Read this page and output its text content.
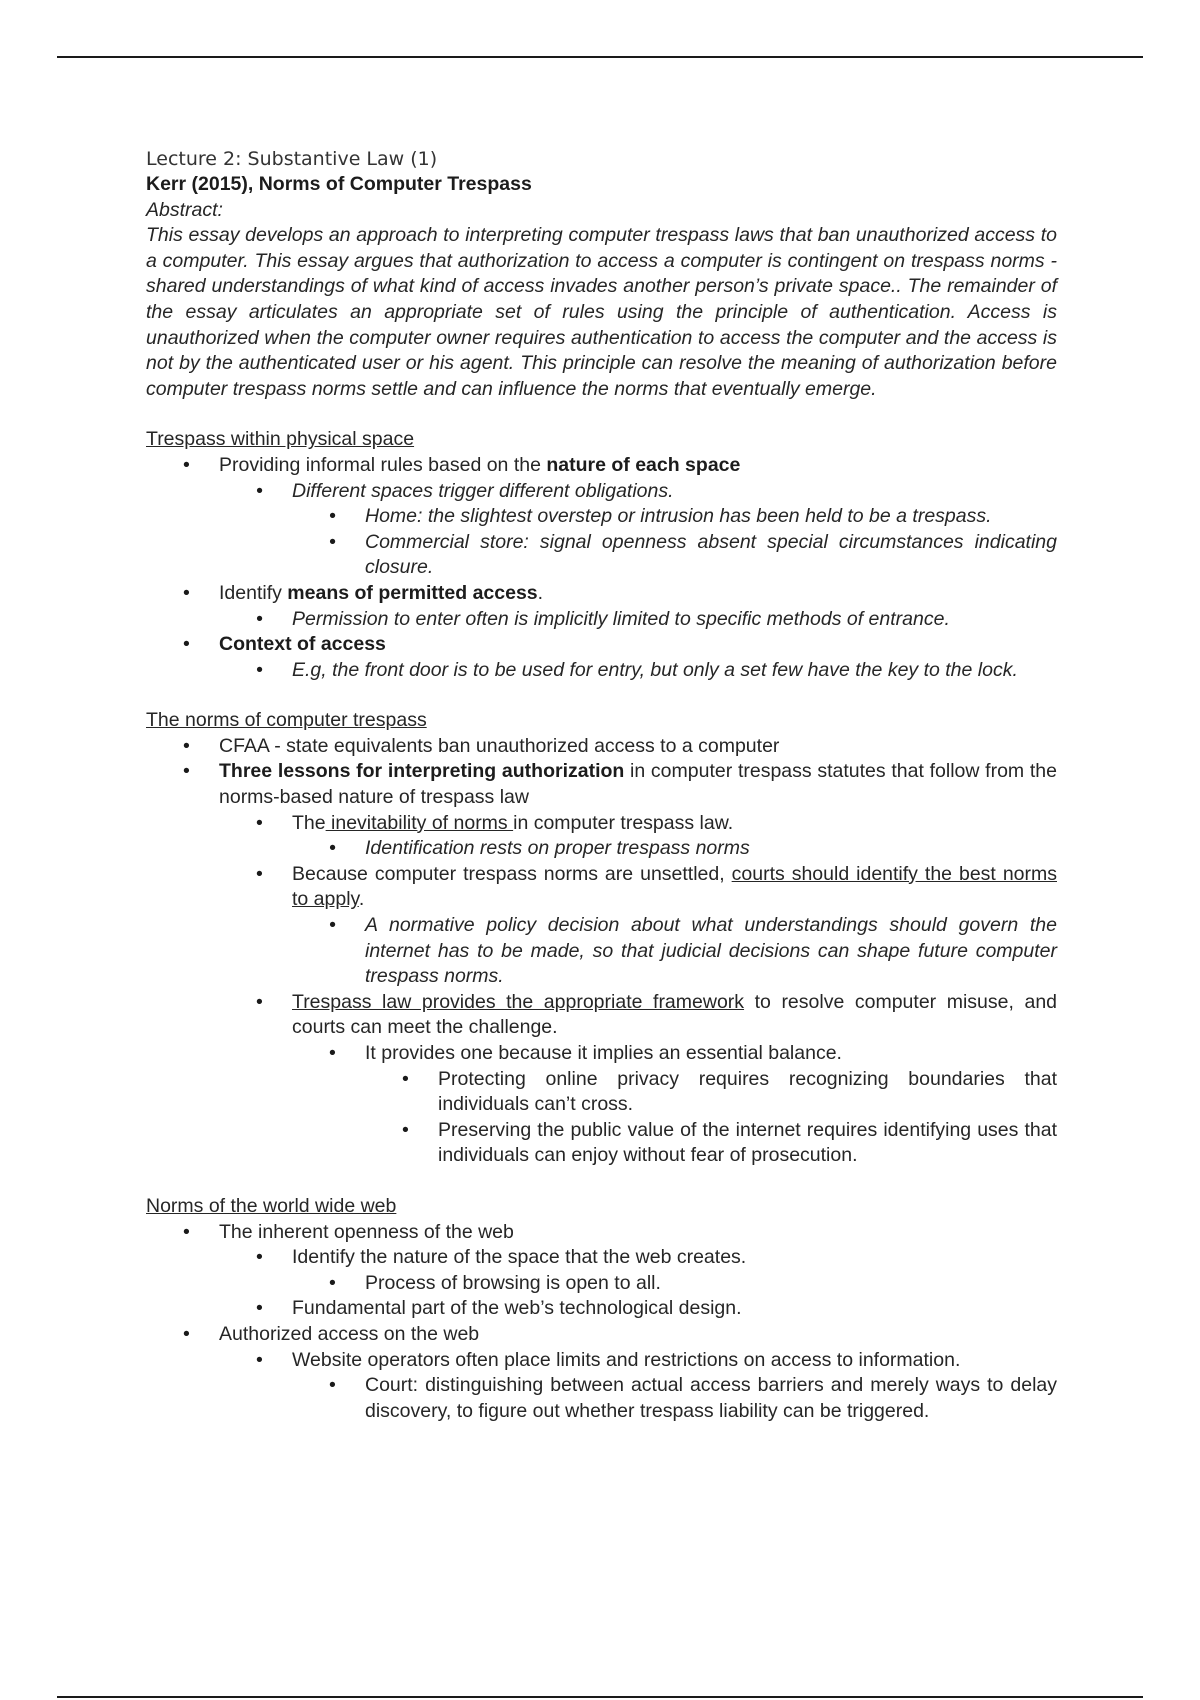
Lecture 2: Substantive Law (1)
Kerr (2015), Norms of Computer Trespass
Abstract:
This essay develops an approach to interpreting computer trespass laws that ban unauthorized access to a computer. This essay argues that authorization to access a computer is contingent on trespass norms - shared understandings of what kind of access invades another person’s private space.. The remainder of the essay articulates an appropriate set of rules using the principle of authentication. Access is unauthorized when the computer owner requires authentication to access the computer and the access is not by the authenticated user or his agent. This principle can resolve the meaning of authorization before computer trespass norms settle and can influence the norms that eventually emerge.
Trespass within physical space
• Providing informal rules based on the nature of each space
• Different spaces trigger different obligations.
• Home: the slightest overstep or intrusion has been held to be a trespass.
• Commercial store: signal openness absent special circumstances indicating closure.
• Identify means of permitted access.
• Permission to enter often is implicitly limited to specific methods of entrance.
• Context of access
• E.g, the front door is to be used for entry, but only a set few have the key to the lock.
The norms of computer trespass
• CFAA - state equivalents ban unauthorized access to a computer
• Three lessons for interpreting authorization in computer trespass statutes that follow from the norms-based nature of trespass law
• The inevitability of norms in computer trespass law.
• Identification rests on proper trespass norms
• Because computer trespass norms are unsettled, courts should identify the best norms to apply.
• A normative policy decision about what understandings should govern the internet has to be made, so that judicial decisions can shape future computer trespass norms.
• Trespass law provides the appropriate framework to resolve computer misuse, and courts can meet the challenge.
• It provides one because it implies an essential balance.
• Protecting online privacy requires recognizing boundaries that individuals can’t cross.
• Preserving the public value of the internet requires identifying uses that individuals can enjoy without fear of prosecution.
Norms of the world wide web
• The inherent openness of the web
• Identify the nature of the space that the web creates.
• Process of browsing is open to all.
• Fundamental part of the web’s technological design.
• Authorized access on the web
• Website operators often place limits and restrictions on access to information.
• Court: distinguishing between actual access barriers and merely ways to delay discovery, to figure out whether trespass liability can be triggered.
